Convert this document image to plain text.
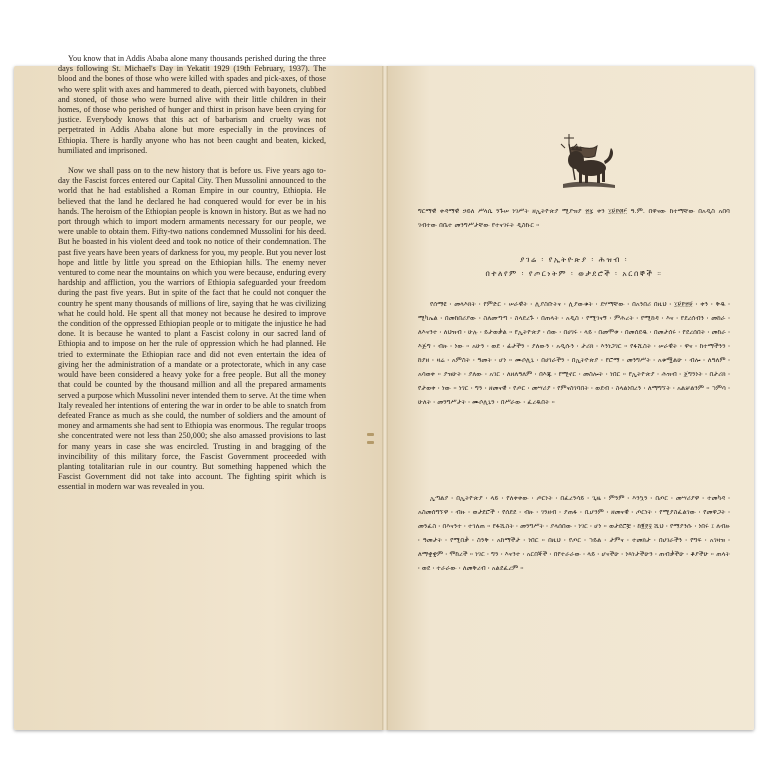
You know that in Addis Ababa alone many thousands perished during the three days following St. Michael's Day in Yekatit 1929 (19th February, 1937). The blood and the bones of those who were killed with spades and pick-axes, of those who were split with axes and hammered to death, pierced with bayonets, clubbed and stoned, of those who were burned alive with their little children in their homes, of those who perished of hunger and thirst in prison have been crying for justice. Everybody knows that this act of barbarism and cruelty was not perpetrated in Addis Ababa alone but more especially in the provinces of Ethiopia. There is hardly anyone who has not been caught and beaten, kicked, humiliated and imprisoned.

Now we shall pass on to the new history that is before us. Five years ago to-day the Fascist forces entered our Capital City. Then Mussolini announced to the world that he had established a Roman Empire in our country, Ethiopia. He believed that the land he declared he had conquered would for ever be in his hands. The heroism of the Ethiopian people is known in history. But as we had no port through which to import modern armaments necessary for our people, we were unable to obtain them. Fifty-two nations condemned Mussolini for his deed. But he boasted in his violent deed and took no notice of their condemnation. The past five years have been years of darkness for you, my people. But you never lost hope and little by little you spread on the Ethiopian hills. The enemy never ventured to come near the mountains on which you were because, enduring every hardship and affliction, you the warriors of Ethiopia safeguarded your freedom during the past five years. But in spite of the fact that he could not conquer the country he spent many thousands of millions of lire, saying that he was civilizing what he could hold. He spent all that money not because he desired to improve the condition of the oppressed Ethiopian people or to mitigate the injustice he had done. It is because he wanted to plant a Fascist colony in our sacred land of Ethiopia and to impose on her the rule of oppression which he had planned. He tried to exterminate the Ethiopian race and did not even entertain the idea of giving her the administration of a mandate or a protectorate, which in any case would have been considered a heavy yoke for a free people. But all the money that could be counted by the thousand million and all the prepared armaments served a purpose which Mussolini never intended them to serve. At the time when Italy revealed her intentions of entering the war in order to be able to snatch from defeated France as much as she could, the number of soldiers and the amount of money and armaments she had sent to Ethiopia was enormous. The regular troops she concentrated were not less than 250,000; she also amassed provisions to last for many years in case she was encircled. Trusting in and bragging of the invincibility of this military force, the Fascist Government proceeded with planting totalitarian rule in our country. But something happened which the Fascist Government did not take into account. The fighting spirit which is essential in modern war was revealed in you.

ግርማዊ ቀዳማዊ ኃይለ ሥላሴ ንጉሠ ነገሥት ዘኢትዮጵያ ሚያዝያ ፳፯ ቀን ፲፱፻፴፫ ዓ.ም. በዋናው ከተማቸው በአዲስ አበባ ገብተው በቤተ መንግሥታቸው የተናገሩት ዲስኩር ።
ያገሬ ፡ የኢትዮጵያ ፡ ሕዝብ ፡
በተለየም ፡ የጦርነትም ፡ ወታደሮች ፡ አርበኞች ።

የሰማዩ ፡ መላእክት ፡ የምድር ፡ ሠራዊት ፡ ሊያስቡትና ፡ ሊያውቁት ፡ ደሃማቸው ፡ በአንበሪ በዚህ ፡ ፲፱፻፳፱ ፡ ቀን ፡ ቅዱ ፡ ሚካኤል ፡ በመከበሪያው ፡ ስለመጣጣ ፡ ስላደረጉ ፡ በጠላት ፡ አዲስ ፡ የሚገናኝ ፡ ምሕረት ፡ የሚከዳ ፡ እና ፡ የደረሰብን ፡ መከራ ፡ ለእናንተ ፡ ለህዝብ ፡ ሁሉ ፡ ይታወቃል ። የኢትዮጵያ ፡ ሰው ፡ በሀገሩ ፡ ላይ ፡ በመሞቱ ፡ በመሰደዱ ፡ በመታሰሩ ፡ የደረሰበት ፡ መከራ ፡ እጅግ ፡ ብዙ ፡ ነው ። አሁን ፡ ወደ ፡ ፊታችን ፡ ያለውን ፡ አዲሱን ፡ ታሪክ ፡ እንነጋገር ። የፋሺስት ፡ ሠራዊት ፡ ዋና ፡ ከተማችንን ፡ ከያዘ ፡ ዛሬ ፡ አምስት ፡ ዓመት ፡ ሆነ ። ሙሶሊኒ ፡ በሀገራችን ፡ በኢትዮጵያ ፡ የሮማ ፡ መንግሥት ፡ አቁሟልሁ ፡ ብሎ ፡ ለዓለም ፡ አሳወቀ ። ያዝሁት ፡ ያለው ፡ አገር ፡ ለዘለዓለም ፡ በእጁ ፡ የሚኖር ፡ መስሎት ፡ ነበር ። የኢትዮጵያ ፡ ሕዝብ ፡ ጀግንነት ፡ በታሪክ ፡ የታወቀ ፡ ነው ። ነገር ፡ ግን ፡ ዘመናዊ ፡ የጦር ፡ መሣሪያ ፡ የምናስገባበት ፡ ወደብ ፡ ስላልነበረን ፡ ለማግኘት ፡ አልቻልንም ። ኀምሳ ፡ ሁለት ፡ መንግሥታት ፡ ሙሶሊኒን ፡ በሥራው ፡ ፈረዱበት ።

ኢጣልያ ፡ በኢትዮጵያ ፡ ላይ ፡ የለቀቀው ፡ ጦርነት ፡ በፈረንሳይ ፡ ጊዜ ፡ ምንም ፡ እንኳን ፡ በጦር ፡ መሣሪያዋ ፡ ተመካዳ ፡ አስመሰግኘዋ ፡ ብዙ ፡ ወታደሮች ፡ የሰደደ ፡ ብዙ ፡ ገንዘብ ፡ ያጠፋ ፡ ቢሆንም ፡ ዘመናዊ ፡ ጦርነት ፡ የሚያስፈልገው ፡ የመዋጋት ፡ መንፈስ ፡ በእናንተ ፡ ተገለጠ ። የፋሺስት ፡ መንግሥት ፡ ያላሰበው ፡ ነገር ፡ ሆነ ። ወታደሮቿ ፡ ከ፪፻፶ ሺህ ፡ የማያንሱ ፡ ነበሩ ፤ ለብዙ ፡ ዓመታት ፡ የሚበቃ ፡ ስንቅ ፡ አከማችታ ፡ ነበር ። በዚህ ፡ የጦር ፡ ኀይል ፡ ታምና ፡ ተመክታ ፡ በሀገራችን ፡ የግፍ ፡ አገዛዝ ፡ ለማቋቋም ፡ ሞከረች ። ነገር ፡ ግን ፡ እናንተ ፡ አርበኞች ፡ በየተራራው ፡ ላይ ፡ ሆናችሁ ፡ ነጻነታችሁን ፡ ጠብቃችሁ ፡ ቆያችሁ ። ጠላት ፡ ወደ ፡ ተራራው ፡ ለመቅረብ ፡ አልደፈረም ።
